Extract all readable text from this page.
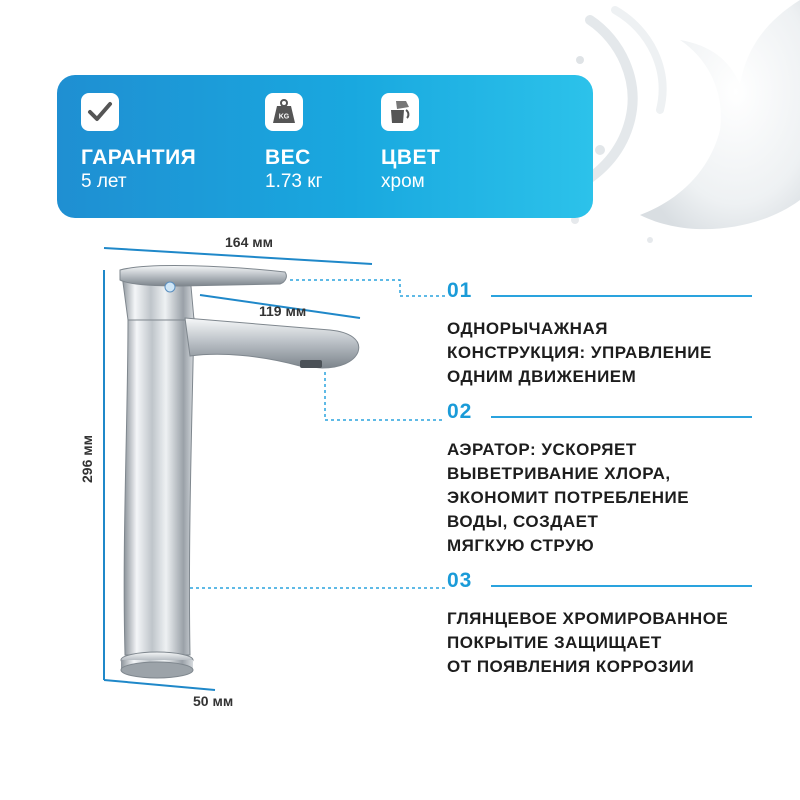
ГАРАНТИЯ
5 лет
KG
ВЕС
1.73 кг
ЦВЕТ
хром
164 мм
119 мм
296 мм
50 мм
01
ОДНОРЫЧАЖНАЯ
КОНСТРУКЦИЯ: УПРАВЛЕНИЕ
ОДНИМ ДВИЖЕНИЕМ
02
АЭРАТОР: УСКОРЯЕТ
ВЫВЕТРИВАНИЕ ХЛОРА,
ЭКОНОМИТ ПОТРЕБЛЕНИЕ
ВОДЫ, СОЗДАЕТ
МЯГКУЮ СТРУЮ
03
ГЛЯНЦЕВОЕ ХРОМИРОВАННОЕ
ПОКРЫТИЕ ЗАЩИЩАЕТ
ОТ ПОЯВЛЕНИЯ КОРРОЗИИ
